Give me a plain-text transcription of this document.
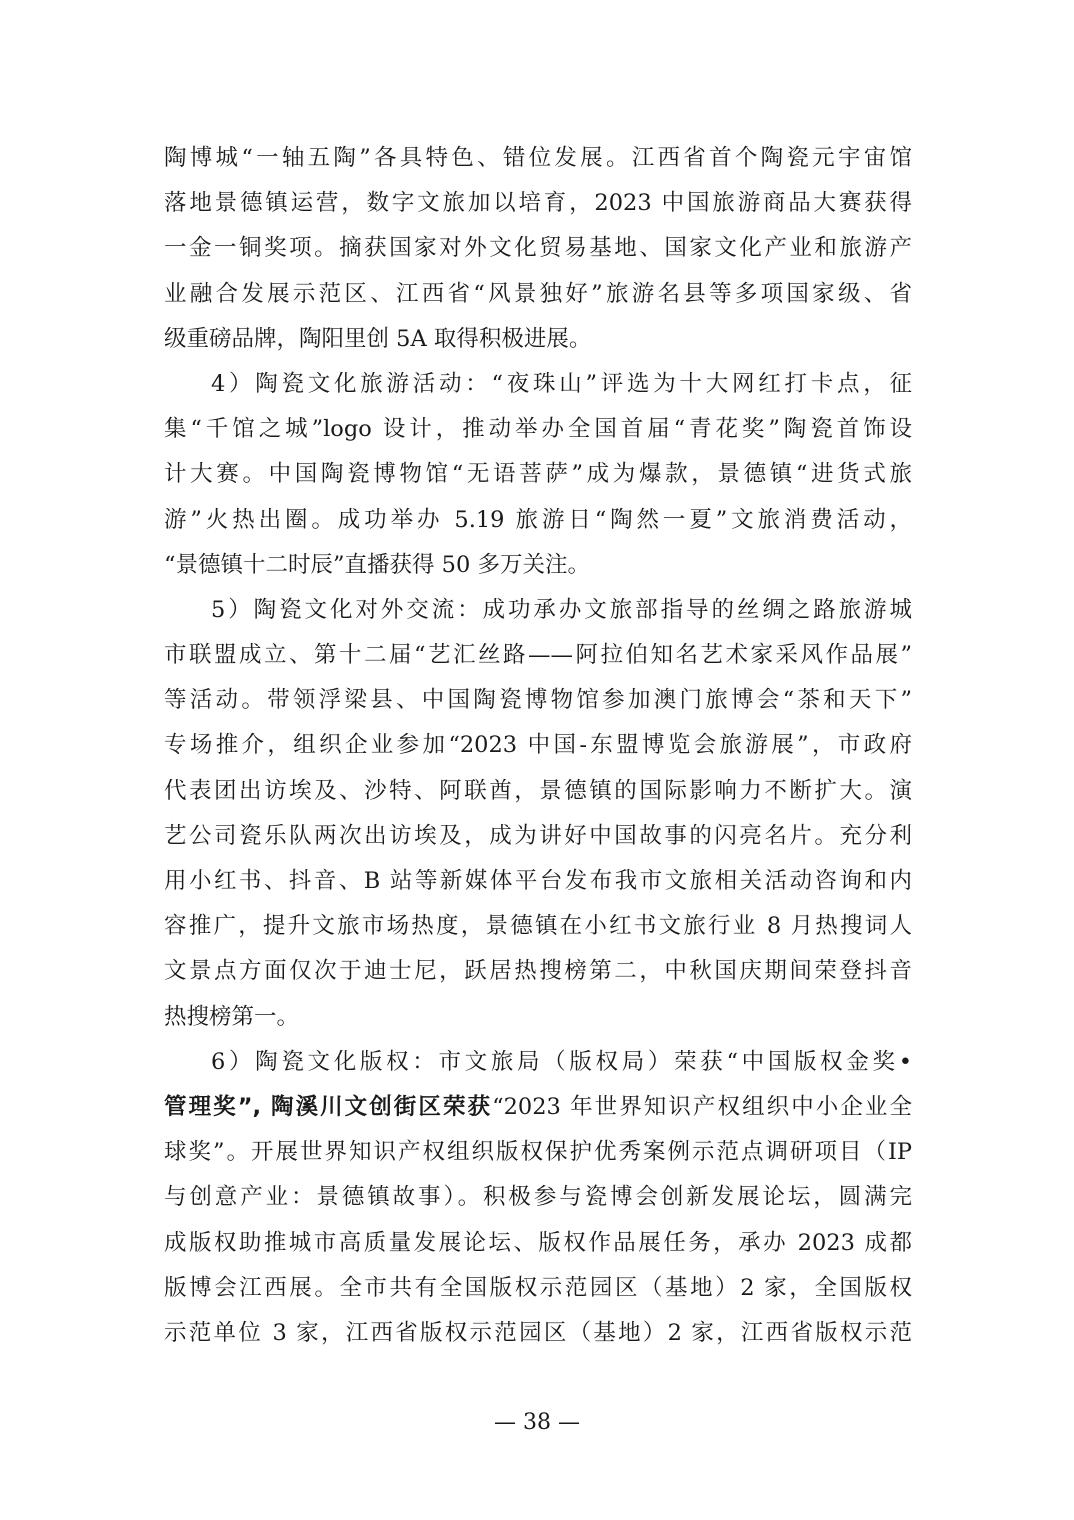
陶博城“一轴五陶”各具特色、错位发展。江西省首个陶瓷元宇宙馆
落地景德镇运营，数字文旅加以培育，2023 中国旅游商品大赛获得
一金一铜奖项。摘获国家对外文化贸易基地、国家文化产业和旅游产
业融合发展示范区、江西省“风景独好”旅游名县等多项国家级、省
级重磅品牌，陶阳里创 5A 取得积极进展。
4）陶瓷文化旅游活动：“夜珠山”评选为十大网红打卡点，征
集“千馆之城”logo 设计，推动举办全国首届“青花奖”陶瓷首饰设
计大赛。中国陶瓷博物馆“无语菩萨”成为爆款，景德镇“进货式旅
游”火热出圈。成功举办 5.19 旅游日“陶然一夏”文旅消费活动，
“景德镇十二时辰”直播获得 50 多万关注。
5）陶瓷文化对外交流：成功承办文旅部指导的丝绸之路旅游城
市联盟成立、第十二届“艺汇丝路——阿拉伯知名艺术家采风作品展”
等活动。带领浮梁县、中国陶瓷博物馆参加澳门旅博会“茶和天下”
专场推介，组织企业参加“2023 中国-东盟博览会旅游展”，市政府
代表团出访埃及、沙特、阿联酋，景德镇的国际影响力不断扩大。演
艺公司瓷乐队两次出访埃及，成为讲好中国故事的闪亮名片。充分利
用小红书、抖音、B 站等新媒体平台发布我市文旅相关活动咨询和内
容推广，提升文旅市场热度，景德镇在小红书文旅行业 8 月热搜词人
文景点方面仅次于迪士尼，跃居热搜榜第二，中秋国庆期间荣登抖音
热搜榜第一。
6）陶瓷文化版权：市文旅局（版权局）荣获“中国版权金奖•
管理奖”, 陶溪川文创街区荣获“2023 年世界知识产权组织中小企业全
球奖”。开展世界知识产权组织版权保护优秀案例示范点调研项目（IP
与创意产业：景德镇故事）。积极参与瓷博会创新发展论坛，圆满完
成版权助推城市高质量发展论坛、版权作品展任务，承办 2023 成都
版博会江西展。全市共有全国版权示范园区（基地）2 家，全国版权
示范单位 3 家，江西省版权示范园区（基地）2 家，江西省版权示范
— 38 —
